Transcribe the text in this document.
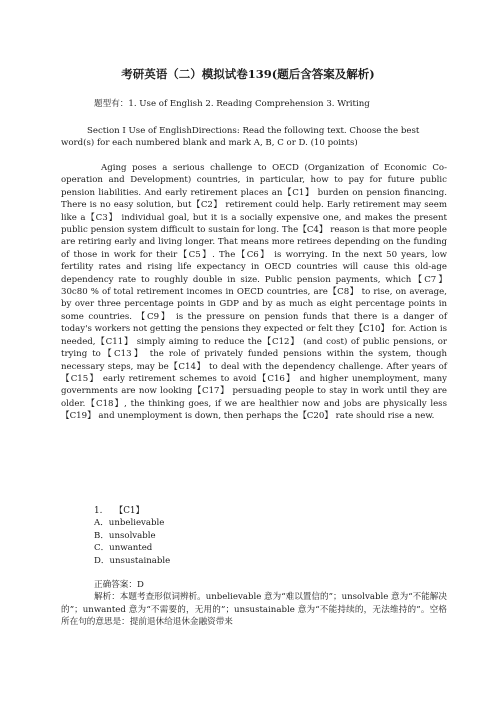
考研英语（二）模拟试卷139(题后含答案及解析)
题型有：1. Use of English 2. Reading Comprehension 3. Writing
Section I Use of EnglishDirections: Read the following text. Choose the best word(s) for each numbered blank and mark A, B, C or D. (10 points)
Aging poses a serious challenge to OECD (Organization of Economic Co-operation and Development) countries, in particular, how to pay for future public pension liabilities. And early retirement places an【C1】 burden on pension financing. There is no easy solution, but【C2】 retirement could help. Early retirement may seem like a【C3】 individual goal, but it is a socially expensive one, and makes the present public pension system difficult to sustain for long. The【C4】 reason is that more people are retiring early and living longer. That means more retirees depending on the funding of those in work for their【C5】. The【C6】 is worrying. In the next 50 years, low fertility rates and rising life expectancy in OECD countries will cause this old-age dependency rate to roughly double in size. Public pension payments, which【C7】 30c80 % of total retirement incomes in OECD countries, are【C8】 to rise, on average, by over three percentage points in GDP and by as much as eight percentage points in some countries. 【C9】 is the pressure on pension funds that there is a danger of today's workers not getting the pensions they expected or felt they【C10】 for. Action is needed,【C11】 simply aiming to reduce the【C12】 (and cost) of public pensions, or trying to【C13】 the role of privately funded pensions within the system, though necessary steps, may be【C14】 to deal with the dependency challenge. After years of 【C15】 early retirement schemes to avoid【C16】 and higher unemployment, many governments are now looking【C17】 persuading people to stay in work until they are older.【C18】, the thinking goes, if we are healthier now and jobs are physically less【C19】 and unemployment is down, then perhaps the【C20】 rate should rise a new.
1. 【C1】
A．unbelievable
B．unsolvable
C．unwanted
D．unsustainable
正确答案：D
解析：本题考查形似词辨析。unbelievable 意为“难以置信的”；unsolvable 意为“不能解决的”；unwanted 意为“不需要的，无用的”；unsustainable 意为“不能持续的，无法维持的”。空格所在句的意思是：提前退休给退休金融资带来
